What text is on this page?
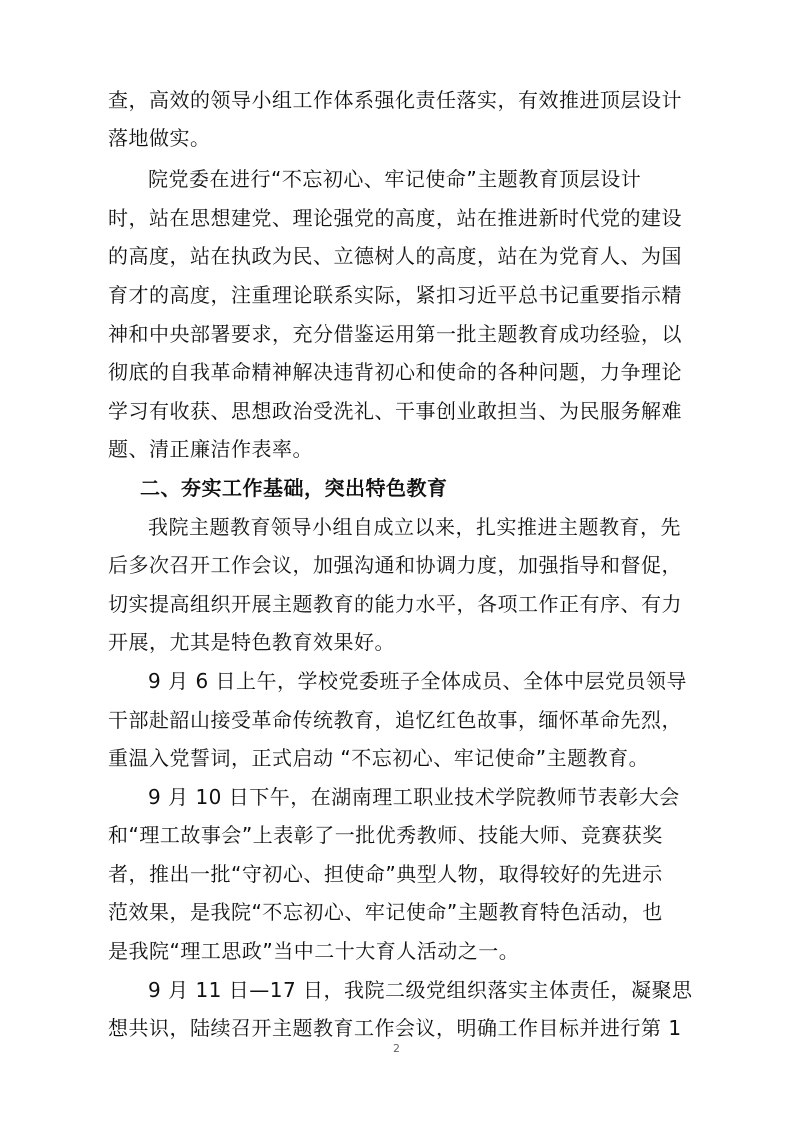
查，高效的领导小组工作体系强化责任落实，有效推进顶层设计
落地做实。
院党委在进行“不忘初心、牢记使命”主题教育顶层设计
时，站在思想建党、理论强党的高度，站在推进新时代党的建设
的高度，站在执政为民、立德树人的高度，站在为党育人、为国
育才的高度，注重理论联系实际，紧扣习近平总书记重要指示精
神和中央部署要求，充分借鉴运用第一批主题教育成功经验，以
彻底的自我革命精神解决违背初心和使命的各种问题，力争理论
学习有收获、思想政治受洗礼、干事创业敢担当、为民服务解难
题、清正廉洁作表率。
二、夯实工作基础，突出特色教育
我院主题教育领导小组自成立以来，扎实推进主题教育，先
后多次召开工作会议，加强沟通和协调力度，加强指导和督促，
切实提高组织开展主题教育的能力水平，各项工作正有序、有力
开展，尤其是特色教育效果好。
9 月 6 日上午，学校党委班子全体成员、全体中层党员领导
干部赴韶山接受革命传统教育，追忆红色故事，缅怀革命先烈，
重温入党誓词，正式启动 “不忘初心、牢记使命”主题教育。
9 月 10 日下午，在湖南理工职业技术学院教师节表彰大会
和“理工故事会”上表彰了一批优秀教师、技能大师、竞赛获奖
者，推出一批“守初心、担使命”典型人物，取得较好的先进示
范效果，是我院“不忘初心、牢记使命”主题教育特色活动，也
是我院“理工思政”当中二十大育人活动之一。
9 月 11 日—17 日，我院二级党组织落实主体责任，凝聚思
想共识，陆续召开主题教育工作会议，明确工作目标并进行第 1
2
